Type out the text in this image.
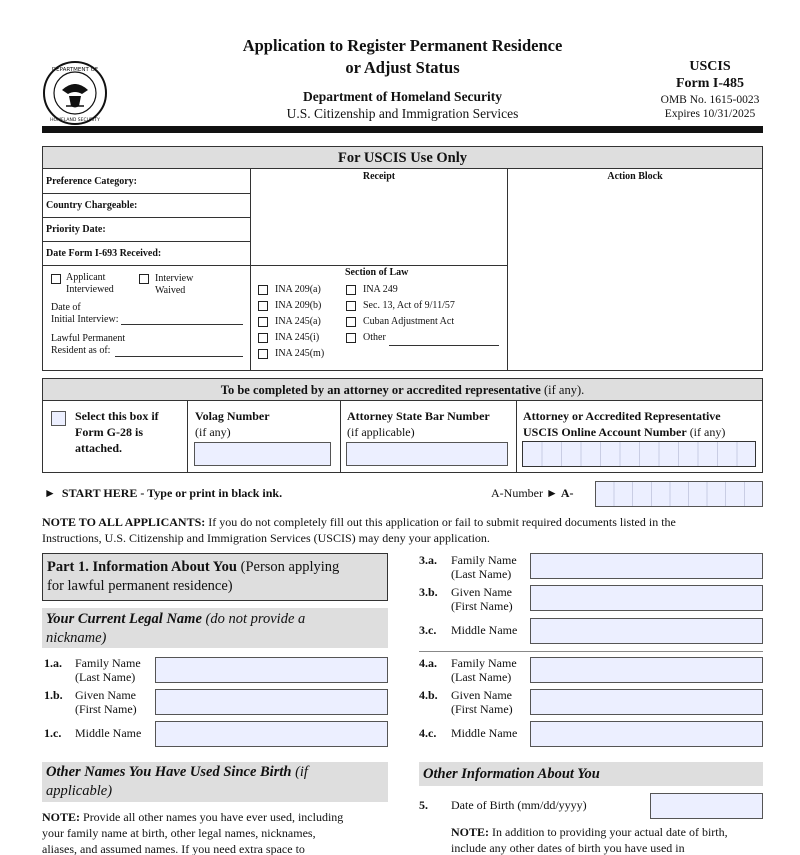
DEPARTMENT OF
HOMELAND SECURITY
Application to Register Permanent Residence
or Adjust Status
Department of Homeland Security
U.S. Citizenship and Immigration Services
USCIS
Form I-485
OMB No. 1615-0023
Expires 10/31/2025
For USCIS Use Only
Preference Category:
Country Chargeable:
Priority Date:
Date Form I-693 Received:
Receipt	Action Block
Applicant
Interviewed
Interview
Waived
Date of
Initial Interview:
Lawful Permanent
Resident as of:
Section of Law
INA 209(a)
INA 209(b)
INA 245(a)
INA 245(i)
INA 245(m)
INA 249
Sec. 13, Act of 9/11/57
Cuban Adjustment Act
Other
To be completed by an attorney or accredited representative (if any).
Select this box if
Form G-28 is
attached.
Volag Number
(if any)
Attorney State Bar Number
(if applicable)
Attorney or Accredited Representative
USCIS Online Account Number (if any)
► START HERE - Type or print in black ink.	A-Number ► A-
NOTE TO ALL APPLICANTS: If you do not completely fill out this application or fail to submit required documents listed in the
Instructions, U.S. Citizenship and Immigration Services (USCIS) may deny your application.
Part 1. Information About You (Person applying
for lawful permanent residence)
Your Current Legal Name (do not provide a
nickname)
1.a. Family Name
(Last Name)
1.b. Given Name
(First Name)
1.c. Middle Name
Other Names You Have Used Since Birth (if
applicable)
NOTE: Provide all other names you have ever used, including
your family name at birth, other legal names, nicknames,
aliases, and assumed names. If you need extra space to
3.a. Family Name
(Last Name)
3.b. Given Name
(First Name)
3.c. Middle Name
4.a. Family Name
(Last Name)
4.b. Given Name
(First Name)
4.c. Middle Name
Other Information About You
5. Date of Birth (mm/dd/yyyy)
NOTE: In addition to providing your actual date of birth,
include any other dates of birth you have used in
